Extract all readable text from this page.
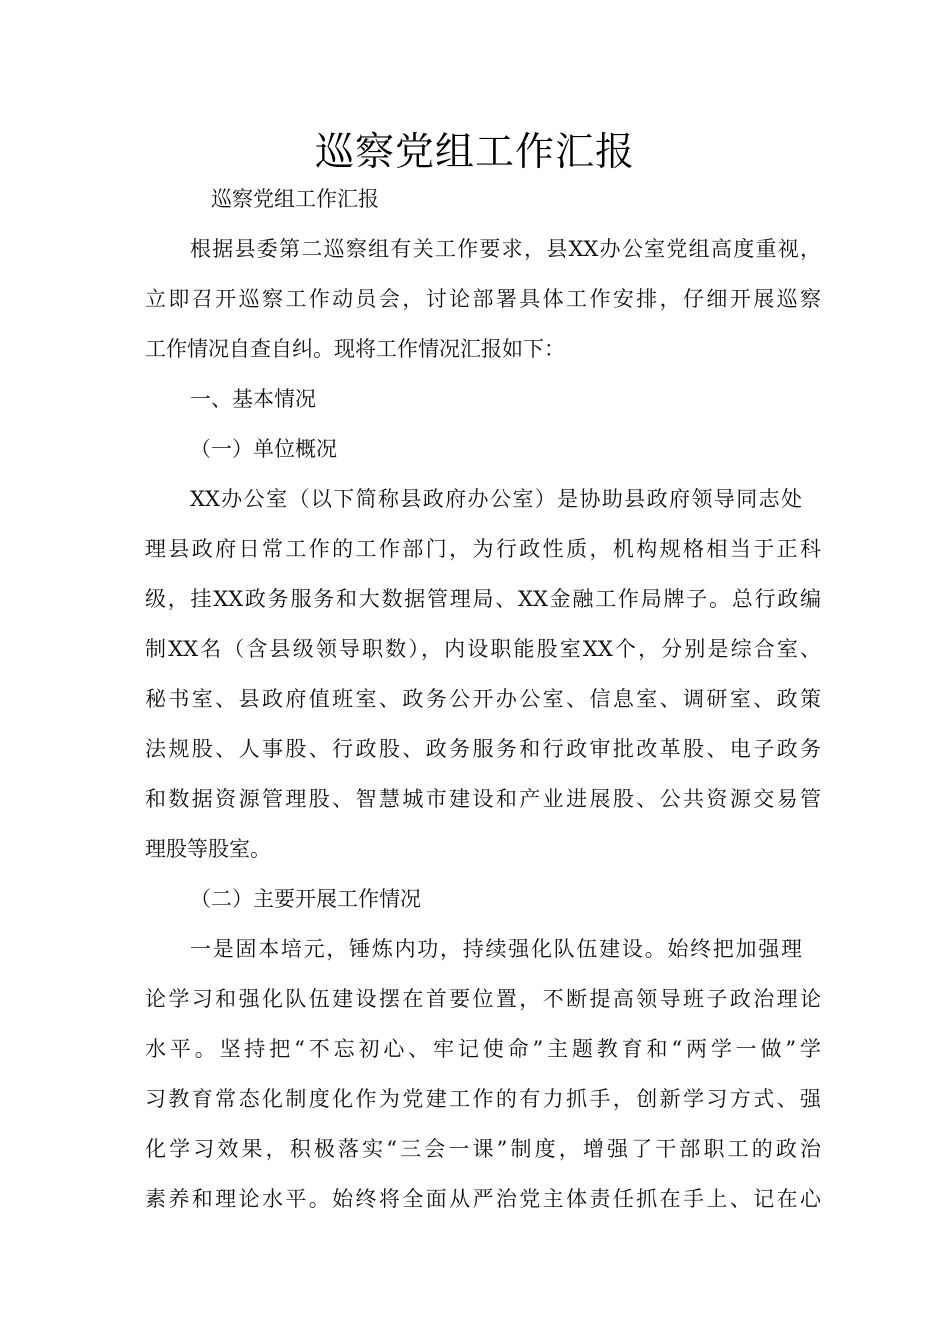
巡察党组工作汇报
巡察党组工作汇报
根据县委第二巡察组有关工作要求，县XX办公室党组高度重视，
立即召开巡察工作动员会，讨论部署具体工作安排，仔细开展巡察
工作情况自查自纠。现将工作情况汇报如下：
一、基本情况
（一）单位概况
XX办公室（以下简称县政府办公室）是协助县政府领导同志处
理县政府日常工作的工作部门，为行政性质，机构规格相当于正科
级，挂XX政务服务和大数据管理局、XX金融工作局牌子。总行政编
制XX名（含县级领导职数），内设职能股室XX个，分别是综合室、
秘书室、县政府值班室、政务公开办公室、信息室、调研室、政策
法规股、人事股、行政股、政务服务和行政审批改革股、电子政务
和数据资源管理股、智慧城市建设和产业进展股、公共资源交易管
理股等股室。
（二）主要开展工作情况
一是固本培元，锤炼内功，持续强化队伍建设。始终把加强理
论学习和强化队伍建设摆在首要位置，不断提高领导班子政治理论
水平。坚持把“不忘初心、牢记使命”主题教育和“两学一做”学
习教育常态化制度化作为党建工作的有力抓手，创新学习方式、强
化学习效果，积极落实“三会一课”制度，增强了干部职工的政治
素养和理论水平。始终将全面从严治党主体责任抓在手上、记在心
